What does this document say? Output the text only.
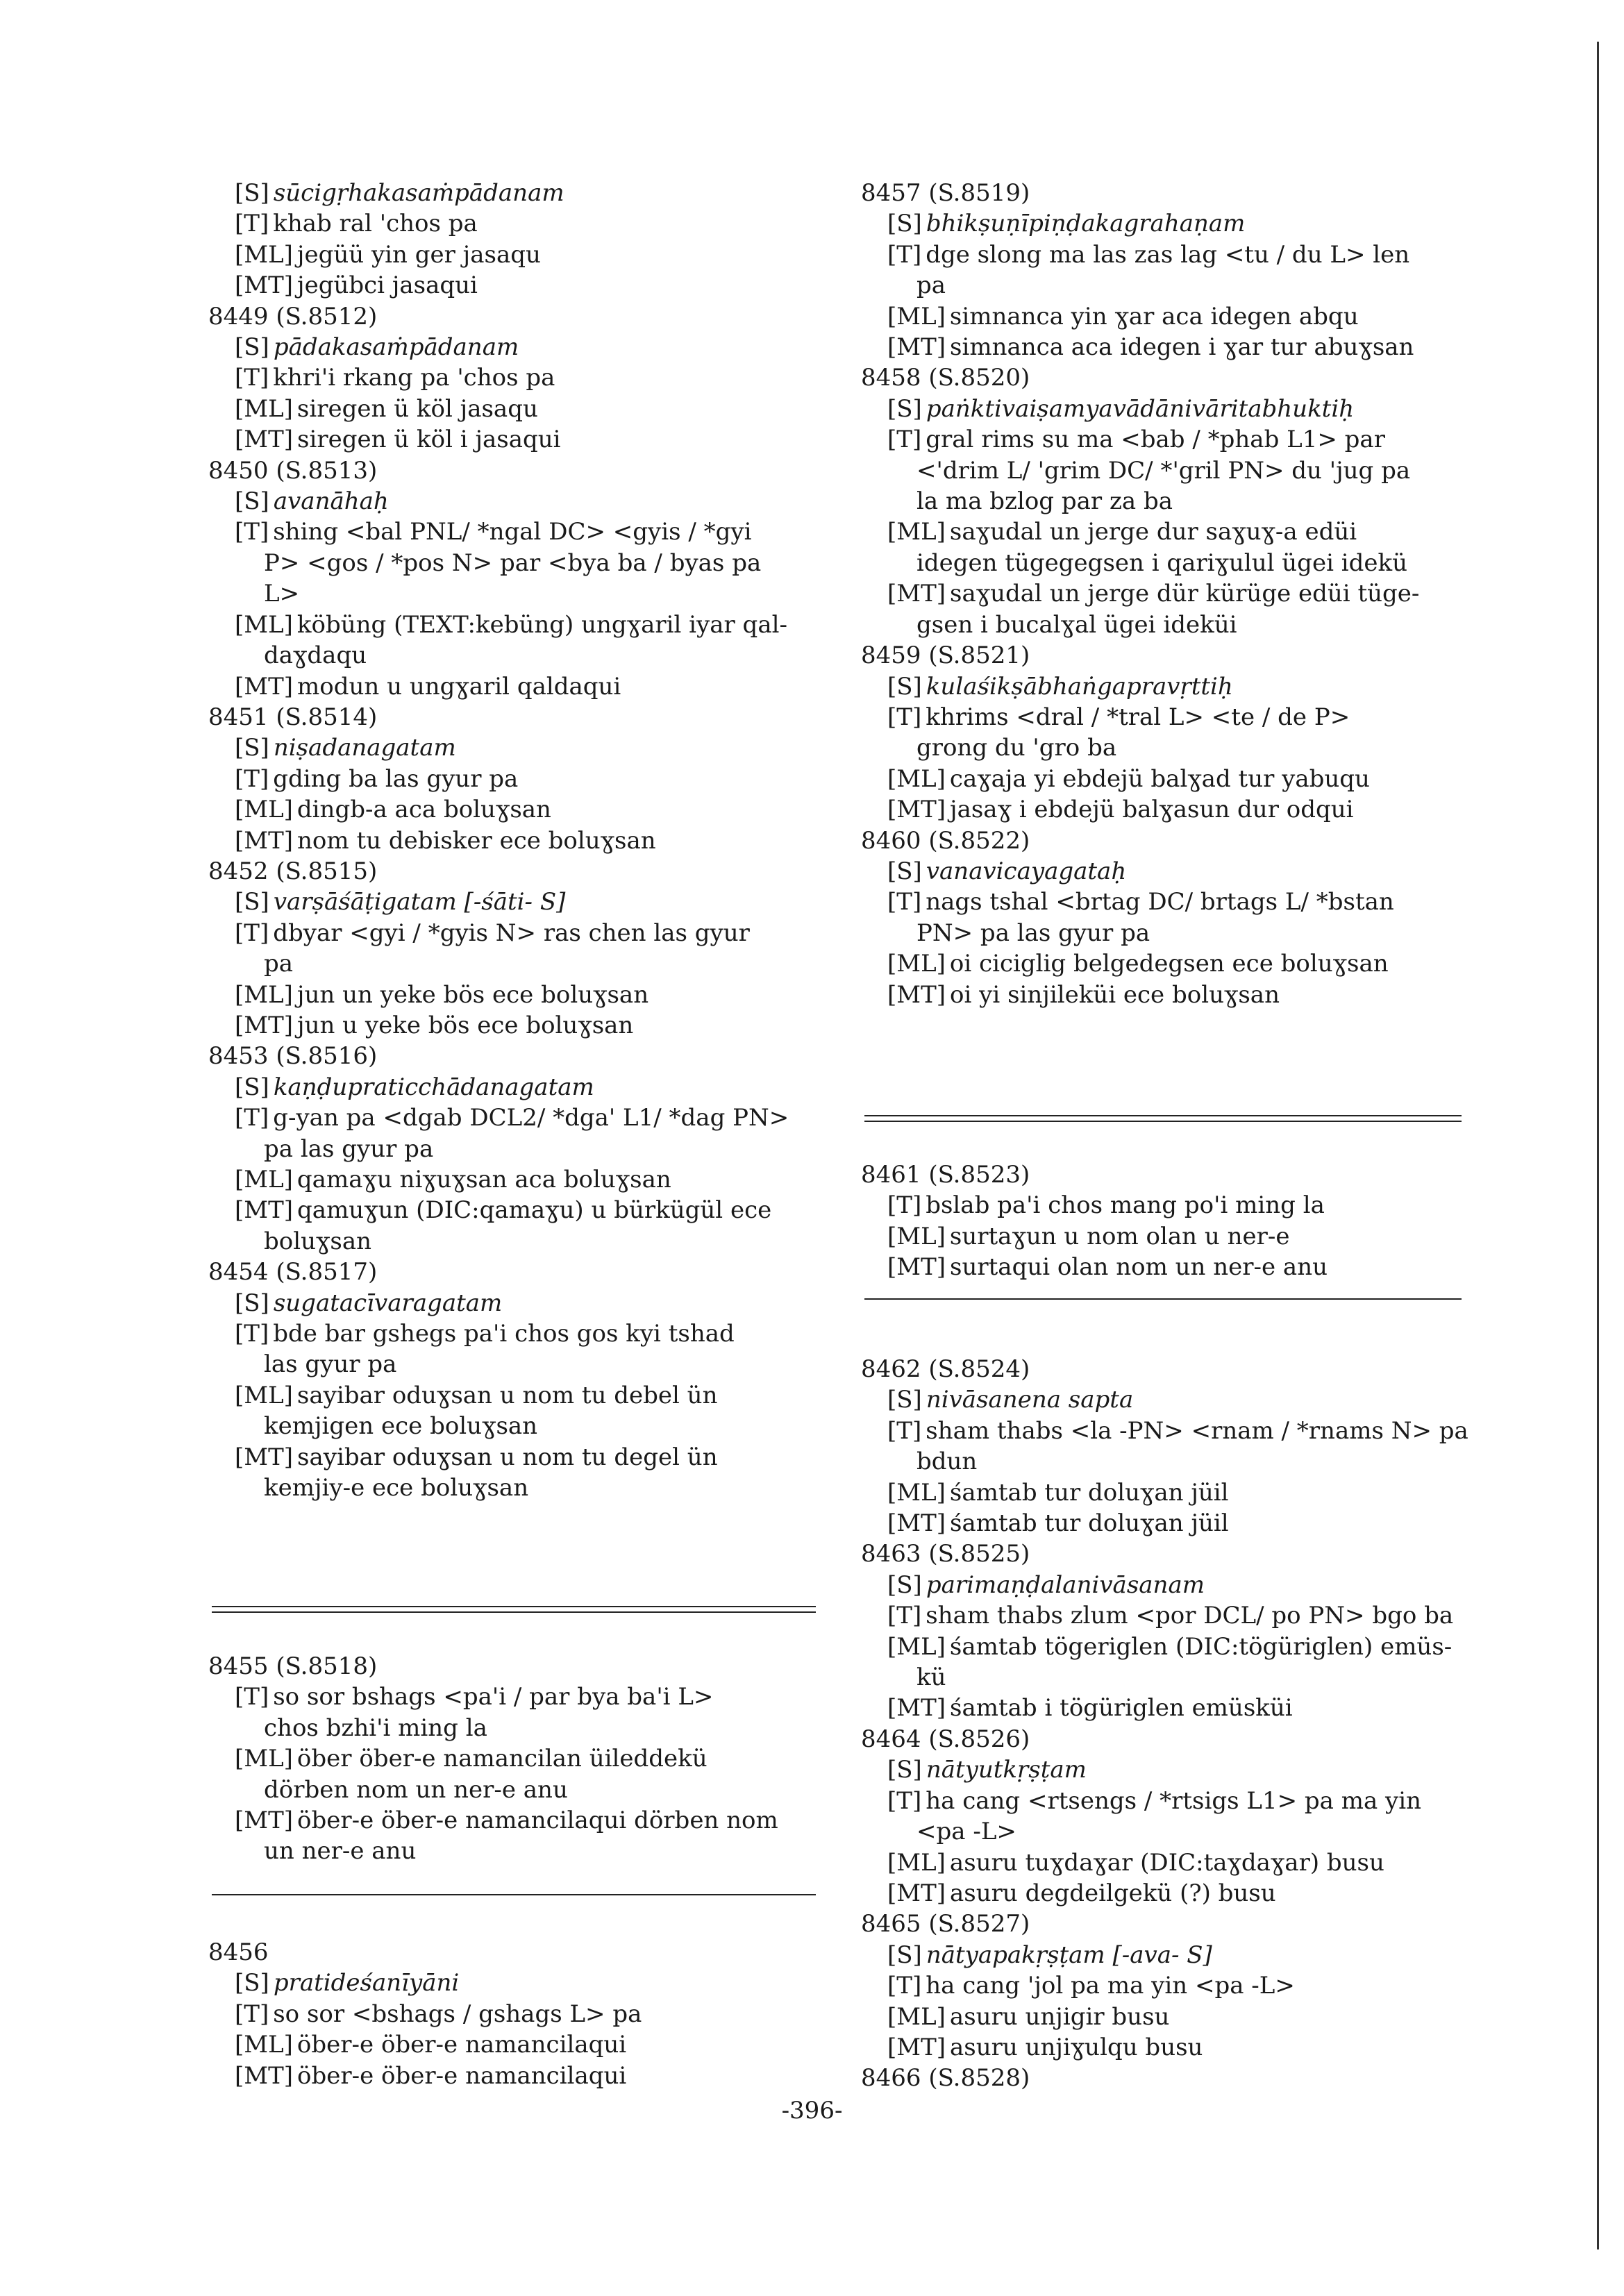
[S] sūcigṛhakasaṁpādanam
[T] khab ral 'chos pa
[ML] jegüü yin ger jasaqu
[MT] jegübci jasaqui
8449 (S.8512)
[S] pādakasaṁpādanam
[T] khri'i rkang pa 'chos pa
[ML] siregen ü köl jasaqu
[MT] siregen ü köl i jasaqui
8450 (S.8513)
[S] avanāhaḥ
[T] shing <bal PNL/ *ngal DC> <gyis / *gyi
P> <gos / *pos N> par <bya ba / byas pa
L>
[ML] köbüng (TEXT:kebüng) ungɣaril iyar qal-
daɣdaqu
[MT] modun u ungɣaril qaldaqui
8451 (S.8514)
[S] niṣadanagatam
[T] gding ba las gyur pa
[ML] dingb-a aca boluɣsan
[MT] nom tu debisker ece boluɣsan
8452 (S.8515)
[S] varṣāśāṭigatam [-śāti- S]
[T] dbyar <gyi / *gyis N> ras chen las gyur
pa
[ML] jun un yeke bös ece boluɣsan
[MT] jun u yeke bös ece boluɣsan
8453 (S.8516)
[S] kaṇḍupraticchādanagatam
[T] g-yan pa <dgab DCL2/ *dga' L1/ *dag PN>
pa las gyur pa
[ML] qamaɣu niɣuɣsan aca boluɣsan
[MT] qamuɣun (DIC:qamaɣu) u bürkügül ece
boluɣsan
8454 (S.8517)
[S] sugatacīvaragatam
[T] bde bar gshegs pa'i chos gos kyi tshad
las gyur pa
[ML] sayibar oduɣsan u nom tu debel ün
kemjigen ece boluɣsan
[MT] sayibar oduɣsan u nom tu degel ün
kemjiy-e ece boluɣsan
8455 (S.8518)
[T] so sor bshags <pa'i / par bya ba'i L>
chos bzhi'i ming la
[ML] öber öber-e namancilan üileddekü
dörben nom un ner-e anu
[MT] öber-e öber-e namancilaqui dörben nom
un ner-e anu
8456
[S] pratideśanīyāni
[T] so sor <bshags / gshags L> pa
[ML] öber-e öber-e namancilaqui
[MT] öber-e öber-e namancilaqui
8457 (S.8519)
[S] bhikṣuṇīpiṇḍakagrahaṇam
[T] dge slong ma las zas lag <tu / du L> len
pa
[ML] simnanca yin ɣar aca idegen abqu
[MT] simnanca aca idegen i ɣar tur abuɣsan
8458 (S.8520)
[S] paṅktivaiṣamyavādānivāritabhuktiḥ
[T] gral rims su ma <bab / *phab L1> par
<'drim L/ 'grim DC/ *'gril PN> du 'jug pa
la ma bzlog par za ba
[ML] saɣudal un jerge dur saɣuɣ-a edüi
idegen tügegegsen i qariɣulul ügei idekü
[MT] saɣudal un jerge dür kürüge edüi tüge-
gsen i bucalɣal ügei ideküi
8459 (S.8521)
[S] kulaśikṣābhaṅgapravṛttiḥ
[T] khrims <dral / *tral L> <te / de P>
grong du 'gro ba
[ML] caɣaja yi ebdejü balɣad tur yabuqu
[MT] jasaɣ i ebdejü balɣasun dur odqui
8460 (S.8522)
[S] vanavicayagataḥ
[T] nags tshal <brtag DC/ brtags L/ *bstan
PN> pa las gyur pa
[ML] oi ciciglig belgedegsen ece boluɣsan
[MT] oi yi sinjileküi ece boluɣsan
8461 (S.8523)
[T] bslab pa'i chos mang po'i ming la
[ML] surtaɣun u nom olan u ner-e
[MT] surtaqui olan nom un ner-e anu
8462 (S.8524)
[S] nivāsanena sapta
[T] sham thabs <la -PN> <rnam / *rnams N> pa
bdun
[ML] śamtab tur doluɣan jüil
[MT] śamtab tur doluɣan jüil
8463 (S.8525)
[S] parimaṇḍalanivāsanam
[T] sham thabs zlum <por DCL/ po PN> bgo ba
[ML] śamtab tögeriglen (DIC:tögüriglen) emüs-
kü
[MT] śamtab i tögüriglen emüsküi
8464 (S.8526)
[S] nātyutkṛṣṭam
[T] ha cang <rtsengs / *rtsigs L1> pa ma yin
<pa -L>
[ML] asuru tuɣdaɣar (DIC:taɣdaɣar) busu
[MT] asuru degdeilgekü (?) busu
8465 (S.8527)
[S] nātyapakṛṣṭam [-ava- S]
[T] ha cang 'jol pa ma yin <pa -L>
[ML] asuru unjigir busu
[MT] asuru unjiɣulqu busu
8466 (S.8528)
-396-
